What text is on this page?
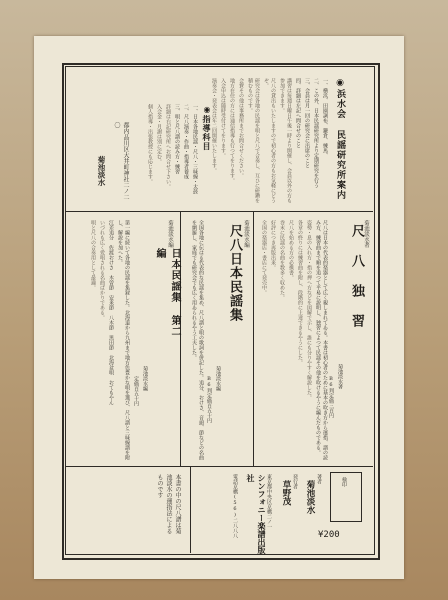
◉浜水会 民謡研究所案内

一、横浜、田園調布、鎌倉、練馬、

二、この外、日本民謡研究所より定期研究を行う

三、会員は月一回の研究会に出席のこと

四、詳細は左記へ問合せのこと

講習は毎週日曜日午後一時より開催し、会員以外の方も参加できます。

尺八の貸出もいたしますので初心者の方もお気軽にどうぞ。

研究会は各地の民謡を唄と尺八で合奏し、互ひに研鑽を積むものです。

会費その他は事務所までお問合せください。

地方在住の方には通信指導も行つてをります。

入会申込は随時受付けてをります。

演奏会・発表会は年二回開催いたします。

◉指導科目

一、日本各地民謡・尺八・三味線・太鼓

二、尺八演奏・作曲・指導者養成

三、唄と尺八譜の読み方・練習

詳細は右記研究所へお問合せ下さい。

入会金・月謝は別に定む。

個人指導・出張教授にも応じます。

都内品川区大井町神社二ノ二〇
菊池淡水
菊池淡水著
尺 八 独 習
菊池淡水著
B6判定価三百円

尺八は日本の代表的楽器として広く親しまれてゐる。本書は初心者のために基本の吹き方から運指、譜の読み方、練習曲まで順を追つて平易に説明し、独習によつて民謡その他を吹けるやうに編んだものである。

姿勢・息の入れ方・指の押へ方などを図解で示し、誰にも分りやすく解説した。

各章の終りには練習曲を附し、段階的に上達できるやうにした。

尺八を始める方の必携書。

巻末に民謡の名曲を数多く収めた。

好評につき再版出来。

全国の楽器店・書店にて発売中。

菊池淡水編
尺八日本民謡集
菊池淡水編
B6判定価百五十円

全国各地に伝はる代表的な民謡を集め、尺八譜と唄の歌詞を併記した。追分、おけさ、音頭、節などの名曲を網羅し、家庭でも研究会でも広く用ゐられるやう工夫した。

菊池淡水編
日本民謡集 第二編
菊池淡水編
定価百五十円

第一編に続いて各地の民謡を集録した。北海道から九州まで地方色豊かな唄を選び、尺八譜と三味線譜を附し、解説を加へた。

江差追分　佐渡おけさ　木曽節　安来節　八木節　黒田節　北海盆唄　おてもやん

いづれも広く愛唱される名曲ばかりである。

唄と尺八の合奏用として最適。

検印
著者
菊池淡水
発行者
草野茂
東京都中央区京橋二ノ一
シンフォニー楽譜出版社
電話京橋(56)二八八八	¥200

本書の中の尺八譜は菊池淡水の運指法によるものです
